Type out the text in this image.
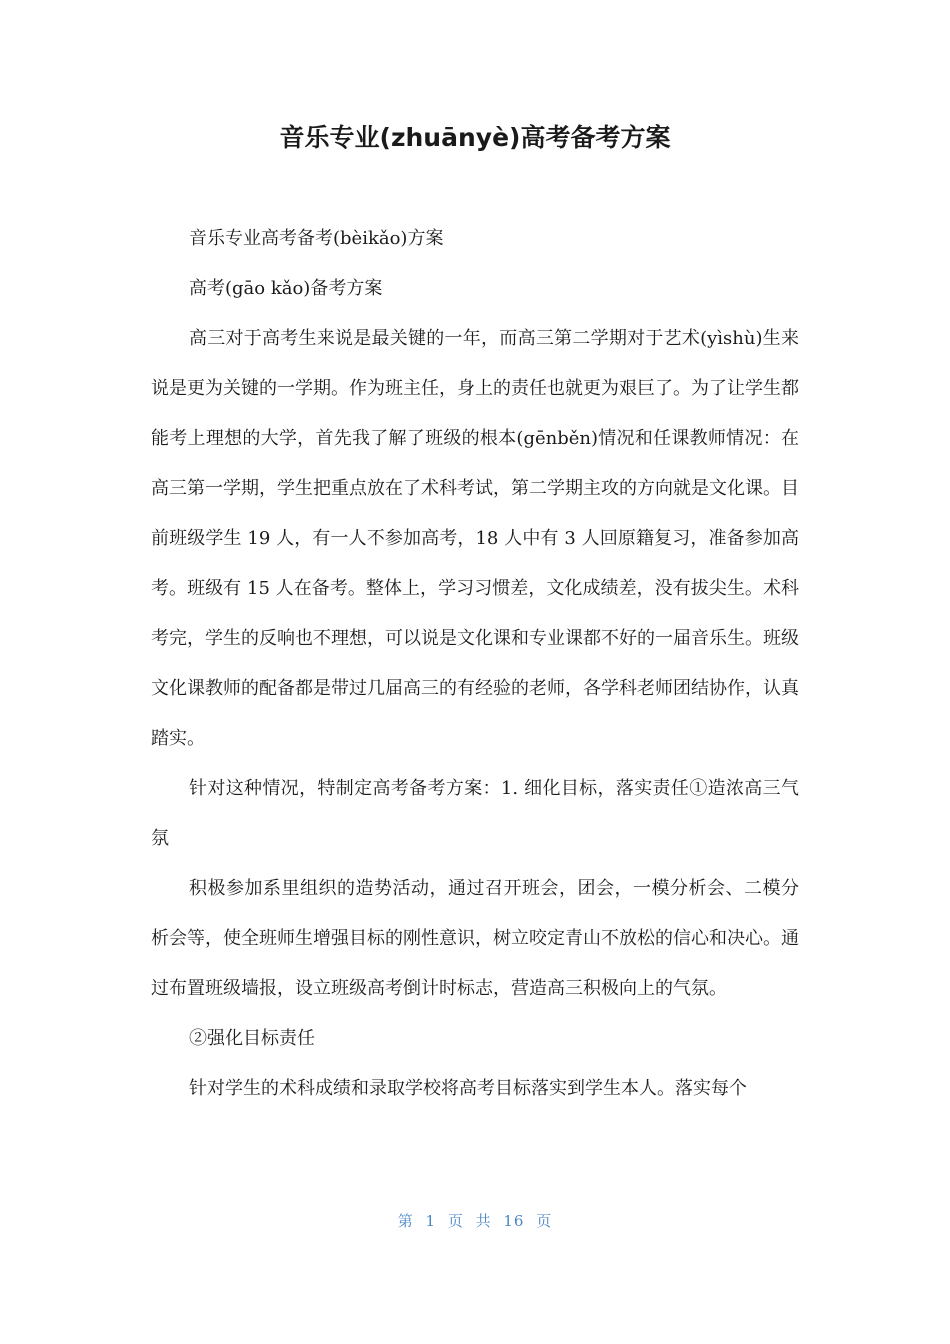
音乐专业(zhuānyè)高考备考方案

音乐专业高考备考(bèikǎo)方案

高考(gāo kǎo)备考方案

高三对于高考生来说是最关键的一年，而高三第二学期对于艺术(yìshù)生来说是更为关键的一学期。作为班主任，身上的责任也就更为艰巨了。为了让学生都能考上理想的大学，首先我了解了班级的根本(gēnběn)情况和任课教师情况：在高三第一学期，学生把重点放在了术科考试，第二学期主攻的方向就是文化课。目前班级学生 19 人，有一人不参加高考，18 人中有 3 人回原籍复习，准备参加高考。班级有 15 人在备考。整体上，学习习惯差，文化成绩差，没有拔尖生。术科考完，学生的反响也不理想，可以说是文化课和专业课都不好的一届音乐生。班级文化课教师的配备都是带过几届高三的有经验的老师，各学科老师团结协作，认真踏实。

针对这种情况，特制定高考备考方案：1. 细化目标，落实责任①造浓高三气氛

积极参加系里组织的造势活动，通过召开班会，团会，一模分析会、二模分析会等，使全班师生增强目标的刚性意识，树立咬定青山不放松的信心和决心。通过布置班级墙报，设立班级高考倒计时标志，营造高三积极向上的气氛。

②强化目标责任

针对学生的术科成绩和录取学校将高考目标落实到学生本人。落实每个

第 1 页 共 16 页
